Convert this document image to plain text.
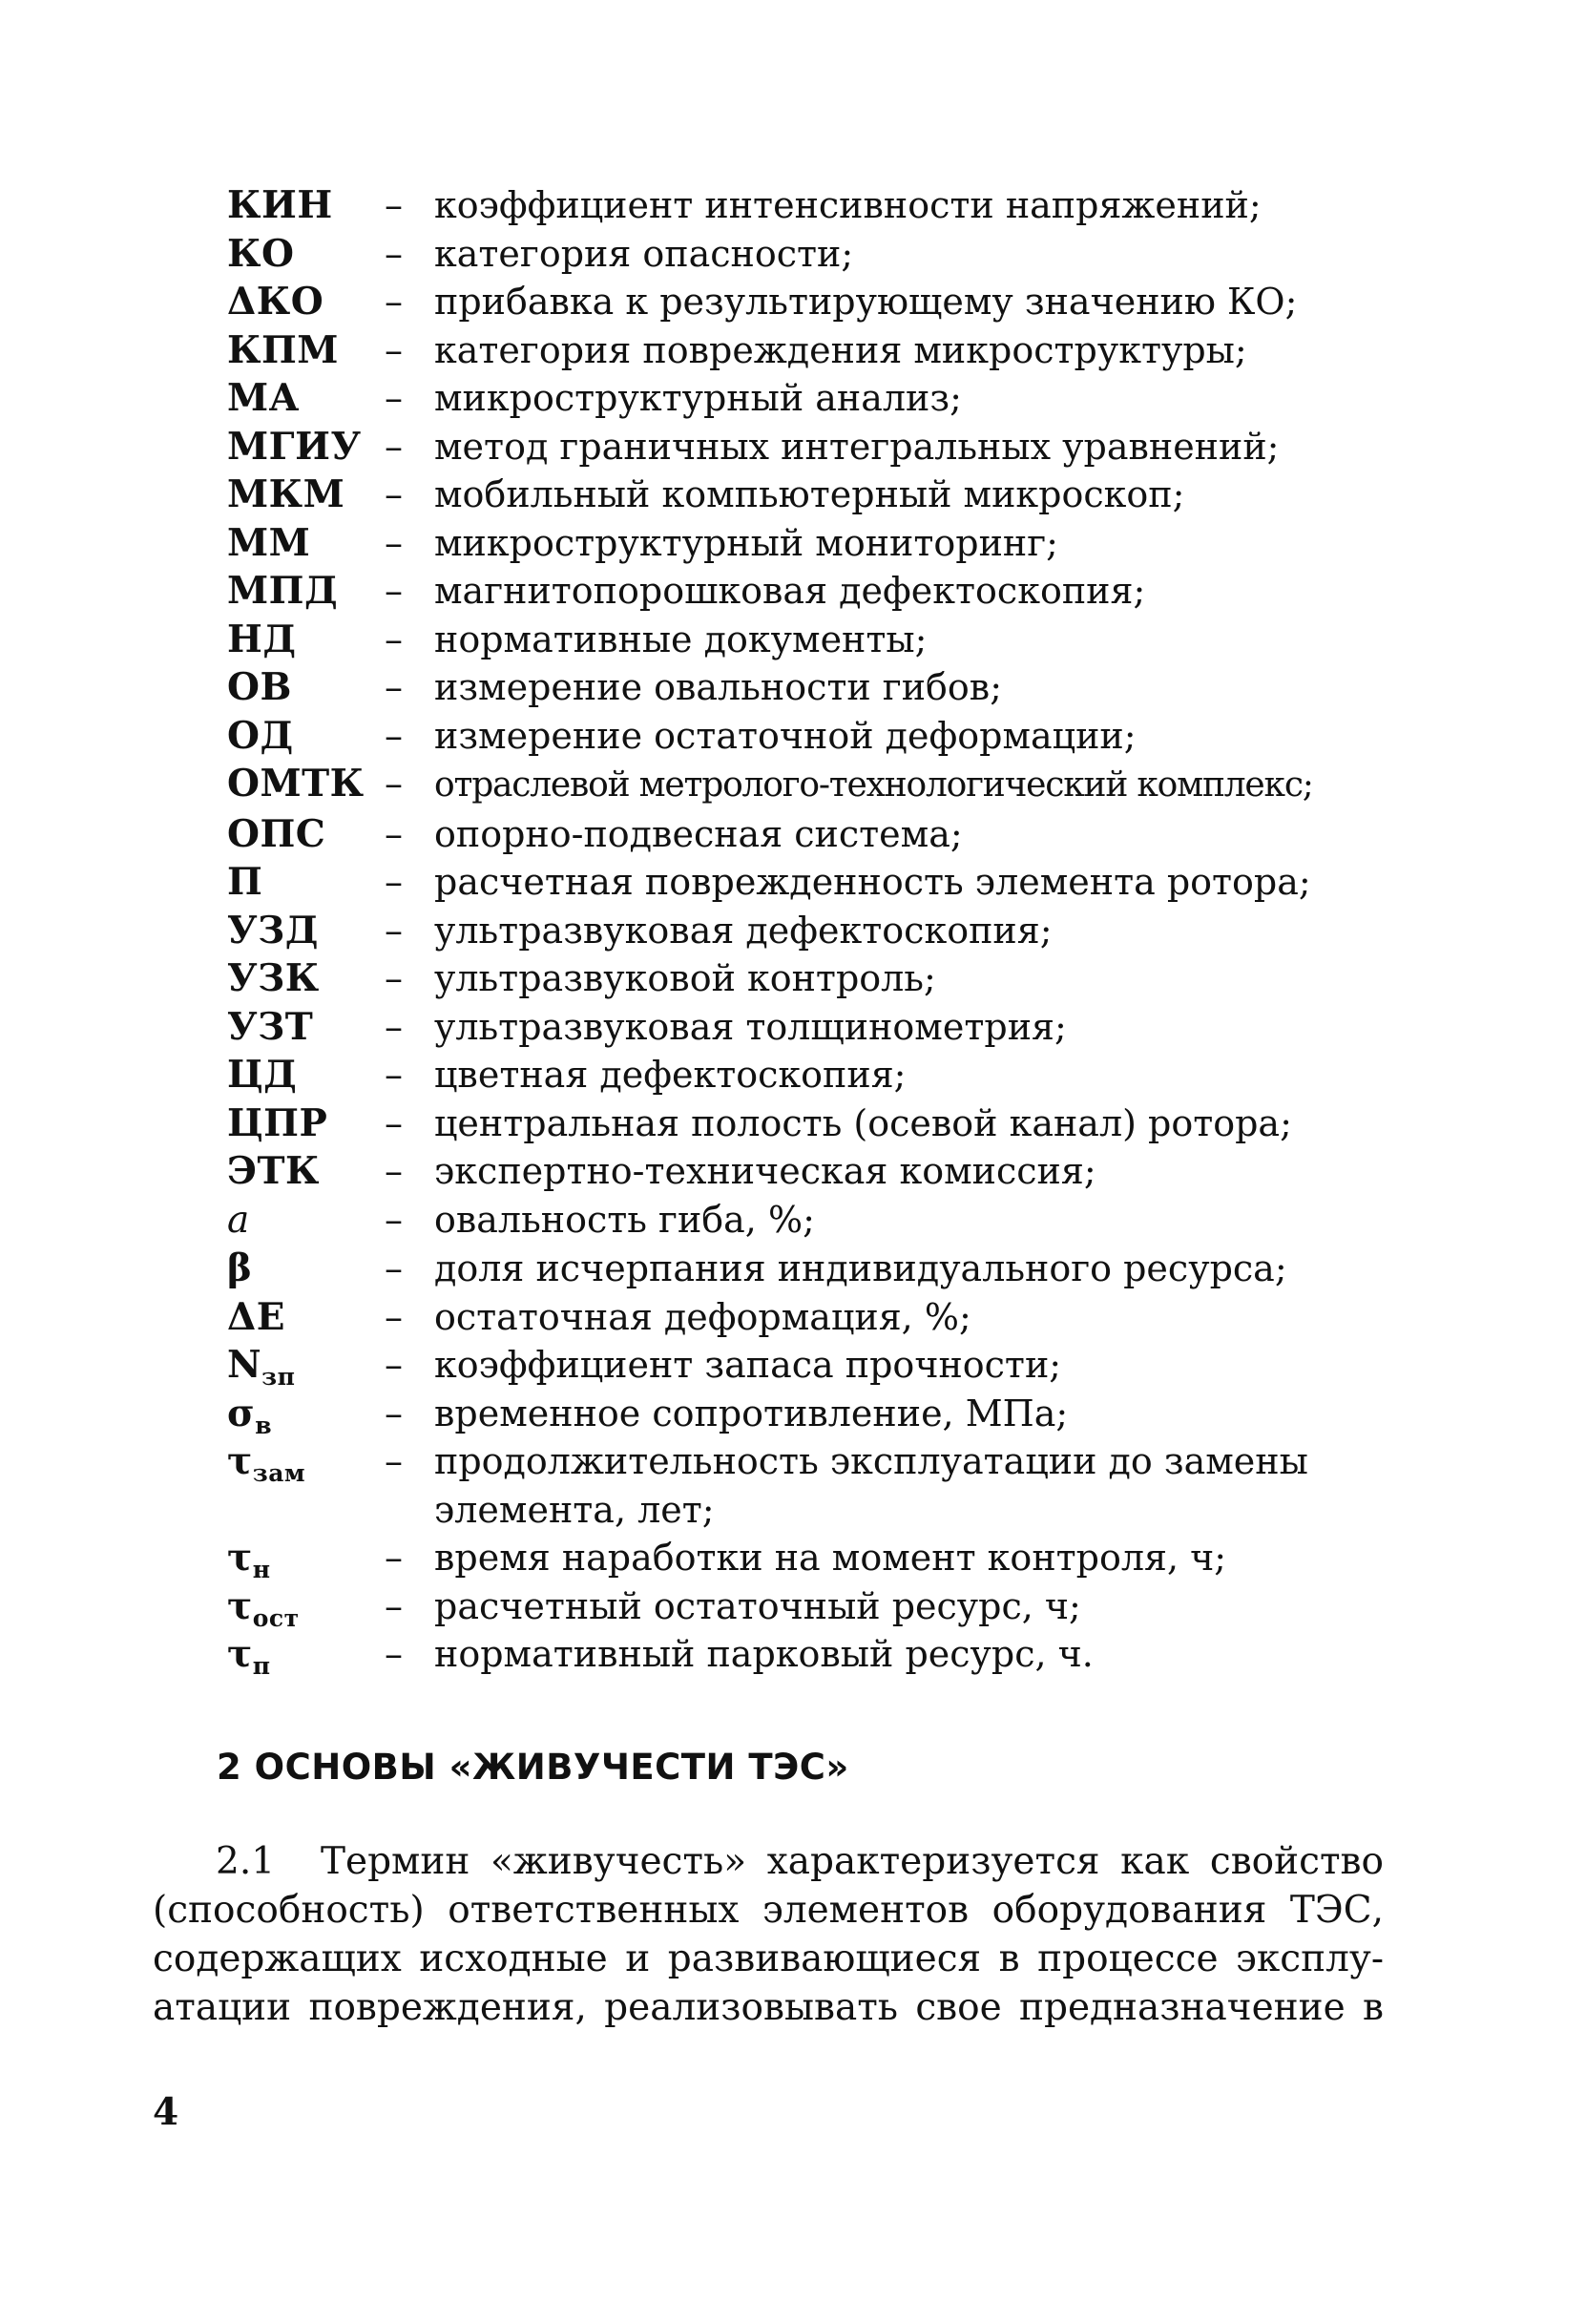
КИН	– коэффициент интенсивности напряжений;
КО	– категория опасности;
ΔКО	– прибавка к результирующему значению КО;
КПМ	– категория повреждения микроструктуры;
МА	– микроструктурный анализ;
МГИУ – метод граничных интегральных уравнений;
МКМ	– мобильный компьютерный микроскоп;
ММ	– микроструктурный мониторинг;
МПД	– магнитопорошковая дефектоскопия;
НД	– нормативные документы;
ОВ	– измерение овальности гибов;
ОД	– измерение остаточной деформации;
ОМТК – отраслевой метролого-технологический комплекс;
ОПС	– опорно-подвесная система;
П	– расчетная поврежденность элемента ротора;
УЗД	– ультразвуковая дефектоскопия;
УЗК	– ультразвуковой контроль;
УЗТ	– ультразвуковая толщинометрия;
ЦД	– цветная дефектоскопия;
ЦПР	– центральная полость (осевой канал) ротора;
ЭТК	– экспертно-техническая комиссия;
a	– овальность гиба, %;
β	– доля исчерпания индивидуального ресурса;
ΔЕ	– остаточная деформация, %;
$N_{зп}$	– коэффициент запаса прочности;
$\sigma_в$	– временное сопротивление, МПа;
$\tau_{зам}$	– продолжительность эксплуатации до замены элемента, лет;
$\tau_н$	– время наработки на момент контроля, ч;
$\tau_{ост}$	– расчетный остаточный ресурс, ч;
$\tau_п$	– нормативный парковый ресурс, ч.
2 ОСНОВЫ «ЖИВУЧЕСТИ ТЭС»
2.1 Термин «живучесть» характеризуется как свойство
(способность) ответственных элементов оборудования ТЭС,
содержащих исходные и развивающиеся в процессе эксплу-
атации повреждения, реализовывать свое предназначение в
4
